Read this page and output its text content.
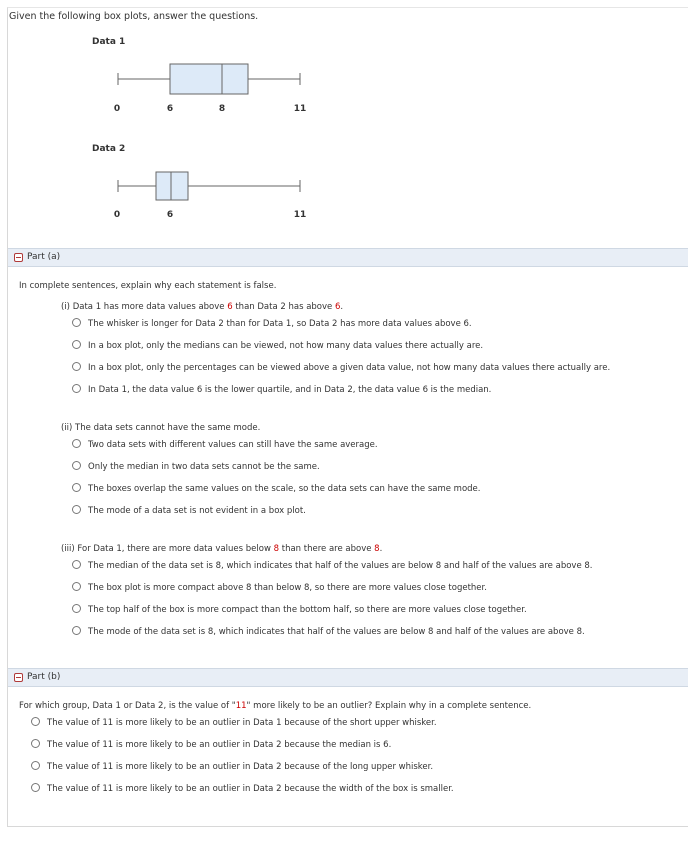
Given the following box plots, answer the questions.
Data 1
0	6	8	11
Data 2
0	6	11
Part (a)
In complete sentences, explain why each statement is false.
(i) Data 1 has more data values above 6 than Data 2 has above 6.
The whisker is longer for Data 2 than for Data 1, so Data 2 has more data values above 6.
In a box plot, only the medians can be viewed, not how many data values there actually are.
In a box plot, only the percentages can be viewed above a given data value, not how many data values there actually are.
In Data 1, the data value 6 is the lower quartile, and in Data 2, the data value 6 is the median.
(ii) The data sets cannot have the same mode.
Two data sets with different values can still have the same average.
Only the median in two data sets cannot be the same.
The boxes overlap the same values on the scale, so the data sets can have the same mode.
The mode of a data set is not evident in a box plot.
(iii) For Data 1, there are more data values below 8 than there are above 8.
The median of the data set is 8, which indicates that half of the values are below 8 and half of the values are above 8.
The box plot is more compact above 8 than below 8, so there are more values close together.
The top half of the box is more compact than the bottom half, so there are more values close together.
The mode of the data set is 8, which indicates that half of the values are below 8 and half of the values are above 8.
Part (b)
For which group, Data 1 or Data 2, is the value of "11" more likely to be an outlier? Explain why in a complete sentence.
The value of 11 is more likely to be an outlier in Data 1 because of the short upper whisker.
The value of 11 is more likely to be an outlier in Data 2 because the median is 6.
The value of 11 is more likely to be an outlier in Data 2 because of the long upper whisker.
The value of 11 is more likely to be an outlier in Data 2 because the width of the box is smaller.
